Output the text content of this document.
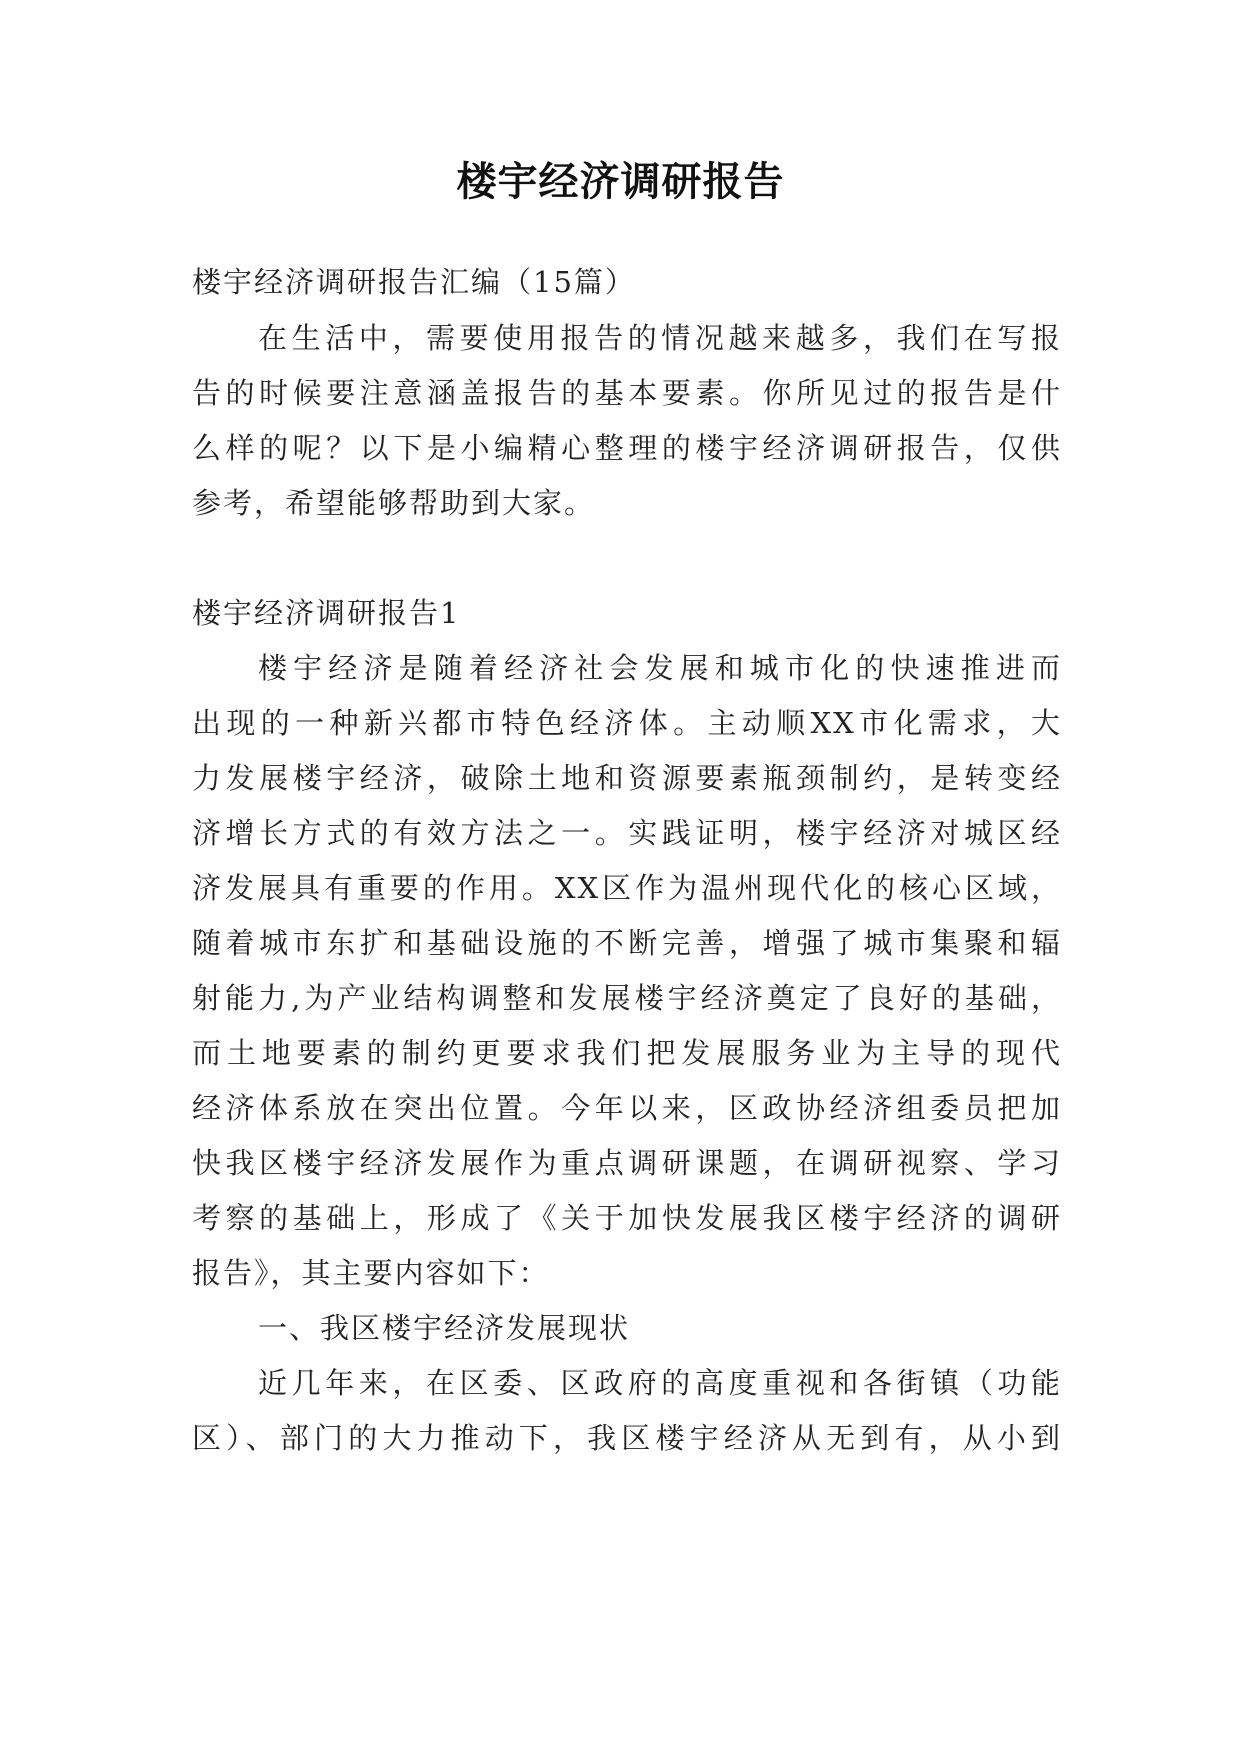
楼宇经济调研报告
楼宇经济调研报告汇编（15篇）
在生活中，需要使用报告的情况越来越多，我们在写报
告的时候要注意涵盖报告的基本要素。你所见过的报告是什
么样的呢？以下是小编精心整理的楼宇经济调研报告，仅供
参考，希望能够帮助到大家。
楼宇经济调研报告1
楼宇经济是随着经济社会发展和城市化的快速推进而
出现的一种新兴都市特色经济体。主动顺XX市化需求，大
力发展楼宇经济，破除土地和资源要素瓶颈制约，是转变经
济增长方式的有效方法之一。实践证明，楼宇经济对城区经
济发展具有重要的作用。XX区作为温州现代化的核心区域，
随着城市东扩和基础设施的不断完善，增强了城市集聚和辐
射能力,为产业结构调整和发展楼宇经济奠定了良好的基础，
而土地要素的制约更要求我们把发展服务业为主导的现代
经济体系放在突出位置。今年以来，区政协经济组委员把加
快我区楼宇经济发展作为重点调研课题，在调研视察、学习
考察的基础上，形成了《关于加快发展我区楼宇经济的调研
报告》，其主要内容如下：
一、我区楼宇经济发展现状
近几年来，在区委、区政府的高度重视和各街镇（功能
区）、部门的大力推动下，我区楼宇经济从无到有，从小到
